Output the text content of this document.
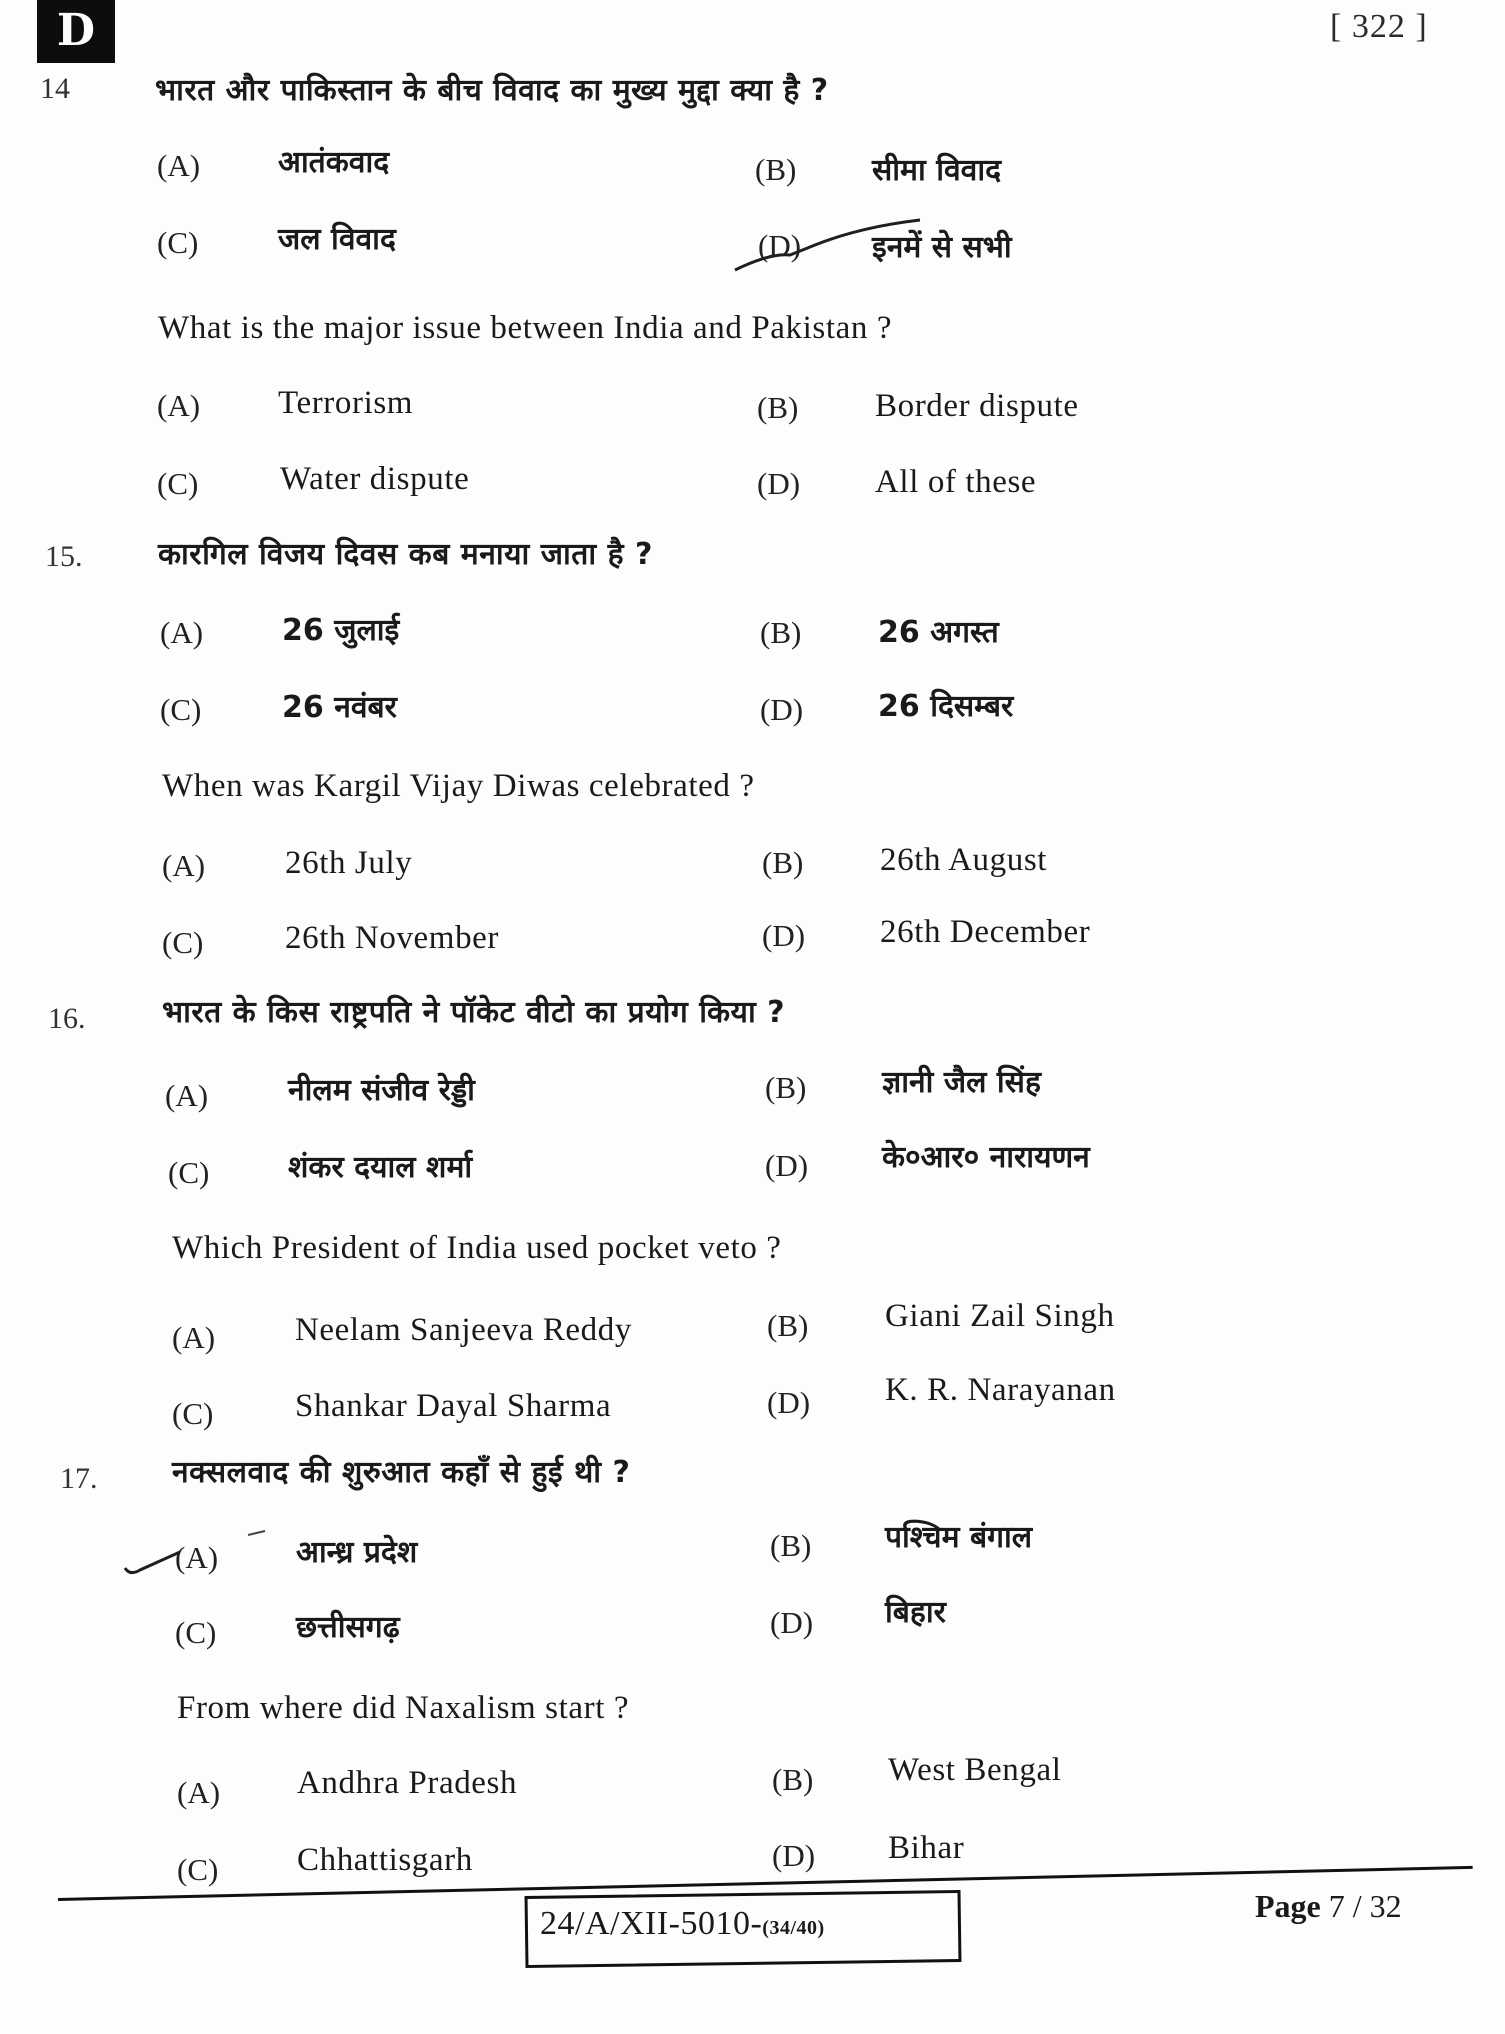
D	[ 322 ]
14	भारत और पाकिस्तान के बीच विवाद का मुख्य मुद्दा क्या है ?
(A)	आतंकवाद	(B)	सीमा विवाद
(C)	जल विवाद	(D) इनमें से सभी
What is the major issue between India and Pakistan ?
(A) Terrorism	(B) Border dispute
(C) Water dispute	(D) All of these
15.	कारगिल विजय दिवस कब मनाया जाता है ?
(A)	26 जुलाई	(B)	26 अगस्त
(C)	26 नवंबर	(D) 26 दिसम्बर
When was Kargil Vijay Diwas celebrated ?
(A) 26th July	(B) 26th August
(C) 26th November	(D) 26th December
16.	भारत के किस राष्ट्रपति ने पॉकेट वीटो का प्रयोग किया ?
(A)	नीलम संजीव रेड्डी	(B)	ज्ञानी जैल सिंह
(C)	शंकर दयाल शर्मा	(D) के०आर० नारायणन
Which President of India used pocket veto ?
(A) Neelam Sanjeeva Reddy	(B) Giani Zail Singh
(C) Shankar Dayal Sharma	(D) K. R. Narayanan
17. नक्सलवाद की शुरुआत कहाँ से हुई थी ?
(A)	आन्ध्र प्रदेश	(B) पश्चिम बंगाल
(C)	छत्तीसगढ़	(D) बिहार
From where did Naxalism start ?
(A) Andhra Pradesh	(B) West Bengal
(C) Chhattisgarh	(D) Bihar
24/A/XII-5010-(34/40)
Page 7 / 32
